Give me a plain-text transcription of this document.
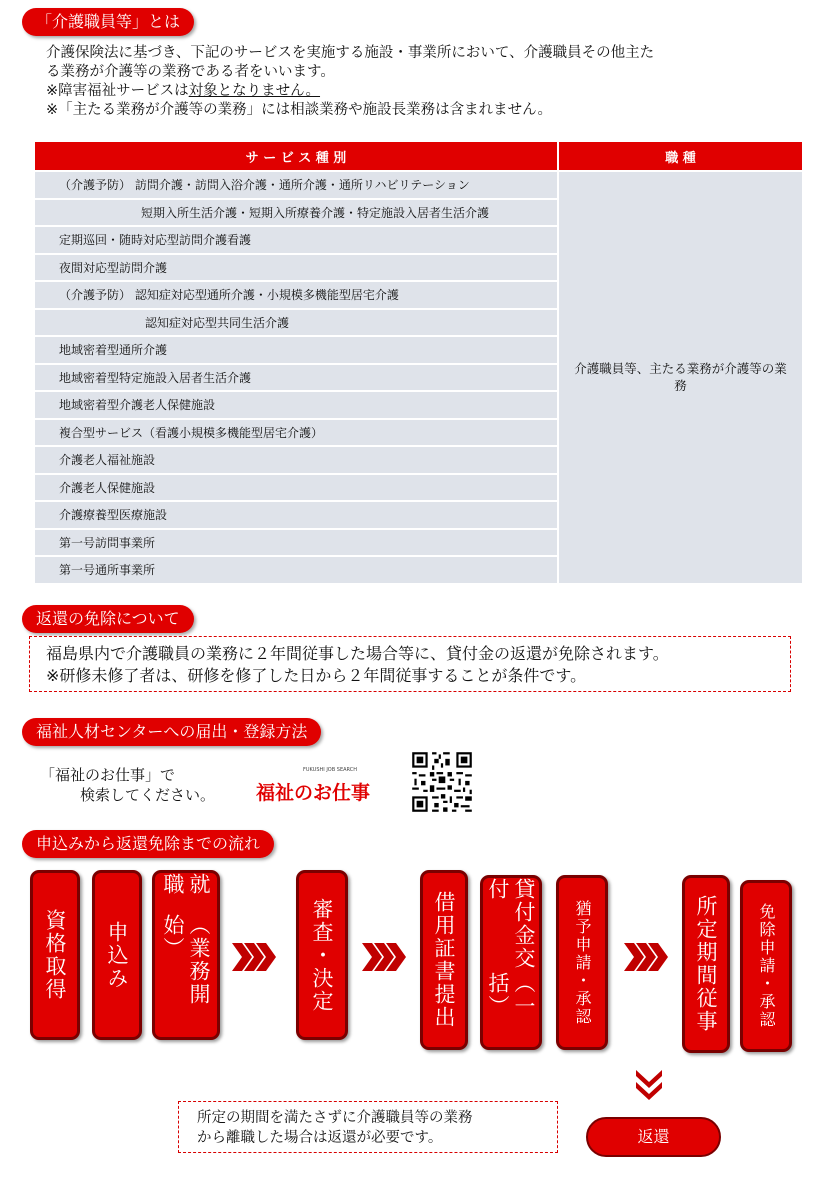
「介護職員等」とは

介護保険法に基づき、下記のサービスを実施する施設・事業所において、介護職員その他主た

る業務が介護等の業務である者をいいます。

※障害福祉サービスは対象となりません。

※「主たる業務が介護等の業務」には相談業務や施設長業務は含まれません。

サ ー ビ ス 種 別	職 種
（介護予防） 訪問介護・訪問入浴介護・通所介護・通所リハビリテーション	介護職員等、主たる業務が介護等の業務
短期入所生活介護・短期入所療養介護・特定施設入居者生活介護	
定期巡回・随時対応型訪問介護看護	
夜間対応型訪問介護	
（介護予防） 認知症対応型通所介護・小規模多機能型居宅介護	
認知症対応型共同生活介護	
地域密着型通所介護	
地域密着型特定施設入居者生活介護	
地域密着型介護老人保健施設	
複合型サービス（看護小規模多機能型居宅介護）	
介護老人福祉施設	
介護老人保健施設	
介護療養型医療施設	
第一号訪問事業所	
第一号通所事業所	
返還の免除について

福島県内で介護職員の業務に２年間従事した場合等に、貸付金の返還が免除されます。

※研修未修了者は、研修を修了した日から２年間従事することが条件です。

福祉人材センターへの届出・登録方法
「福祉のお仕事」で
検索してください。
FUKUSHI JOB SEARCH
福祉のお仕事
申込みから返還免除までの流れ
資格取得 申込み
就職
（業務開始）	審査・決定	借用証書提出	貸付金交付
（一括）	猶予申請・承認	所定期間従事 免除申請・承認

所定の期間を満たさずに介護職員等の業務

から離職した場合は返還が必要です。	返還
